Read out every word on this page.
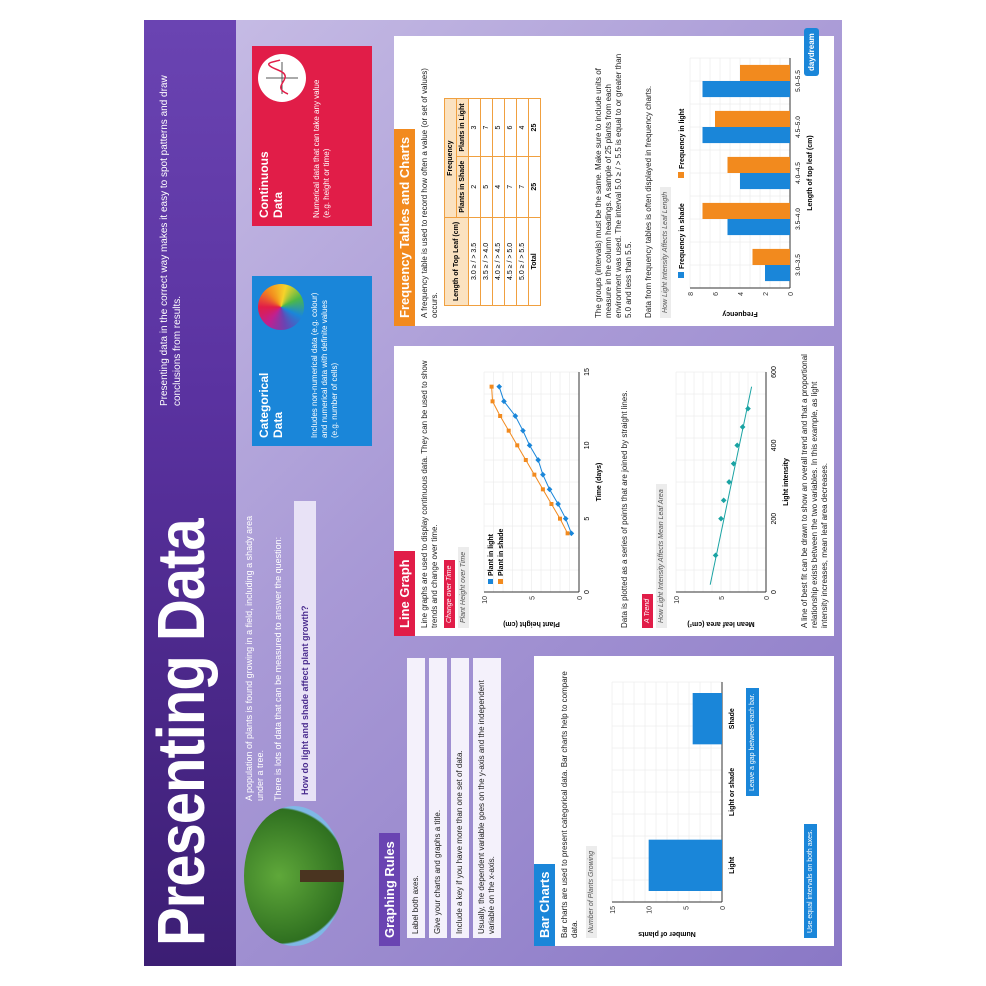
Presenting Data
Presenting data in the correct way makes it easy to spot patterns and draw conclusions from results.
A population of plants is found growing in a field, including a shady area under a tree. There is lots of data that can be measured to answer the question:	How do light and shade affect plant growth?
Categorical Data	Includes non-numerical data (e.g. colour) and numerical data with definite values (e.g. number of cells)
Continuous Data	Numerical data that can take any value (e.g. height or time)
Graphing Rules	Label both axes.	Give your charts and graphs a title.	Include a key if you have more than one set of data.	Usually, the dependent variable goes on the y-axis and the independent variable on the x-axis.	Bar Charts	Bar charts are used to present categorical data. Bar charts help to compare data. Number of Plants Growing	0
5
10
15
Number of plants
Light
Light or shade
Shade	Leave a gap between each bar.
Use equal intervals on both axes.
Line Graph	Line graphs are used to display continuous data. They can be used to show trends and change over time. Change over Time Plant Height over Time	0
5
10
Plant height (cm)
Time (days)
0
5
10
15
Plant in light Plant in shade	Data is plotted as a series of points that are joined by straight lines. A Trend How Light Intensity Affects Mean Leaf Area	0
5
10
Mean leaf area (cm²)
Light intensity
0
200
400
600	A line of best fit can be drawn to show an overall trend and that a proportional relationship exists between the two variables. In this example, as light intensity increases, mean leaf area decreases.
Frequency Tables and Charts	A frequency table is used to record how often a value (or set of values) occurs.
Length of Top Leaf (cm)	Frequency	
	Plants in Shade	Plants in Light
3.0 ≥ / > 3.5	2	3
3.5 ≥ / > 4.0	5	7
4.0 ≥ / > 4.5	4	5
4.5 ≥ / > 5.0	7	6
5.0 ≥ / > 5.5	7	4
Total	25	25	The groups (intervals) must be the same. Make sure to include units of measure in the column headings. A sample of 25 plants from each environment was used. The interval 5.0 ≥ / > 5.5 is equal to or greater than 5.0 and less than 5.5. Data from frequency tables is often displayed in frequency charts. How Light Intensity Affects Leaf Length	0
2
4
6
8
Frequency
Length of top leaf (cm)
3.0–3.5
3.5–4.0
4.0–4.5
4.5–5.0
5.0–5.5
Frequency in shade
Frequency in light
daydream
